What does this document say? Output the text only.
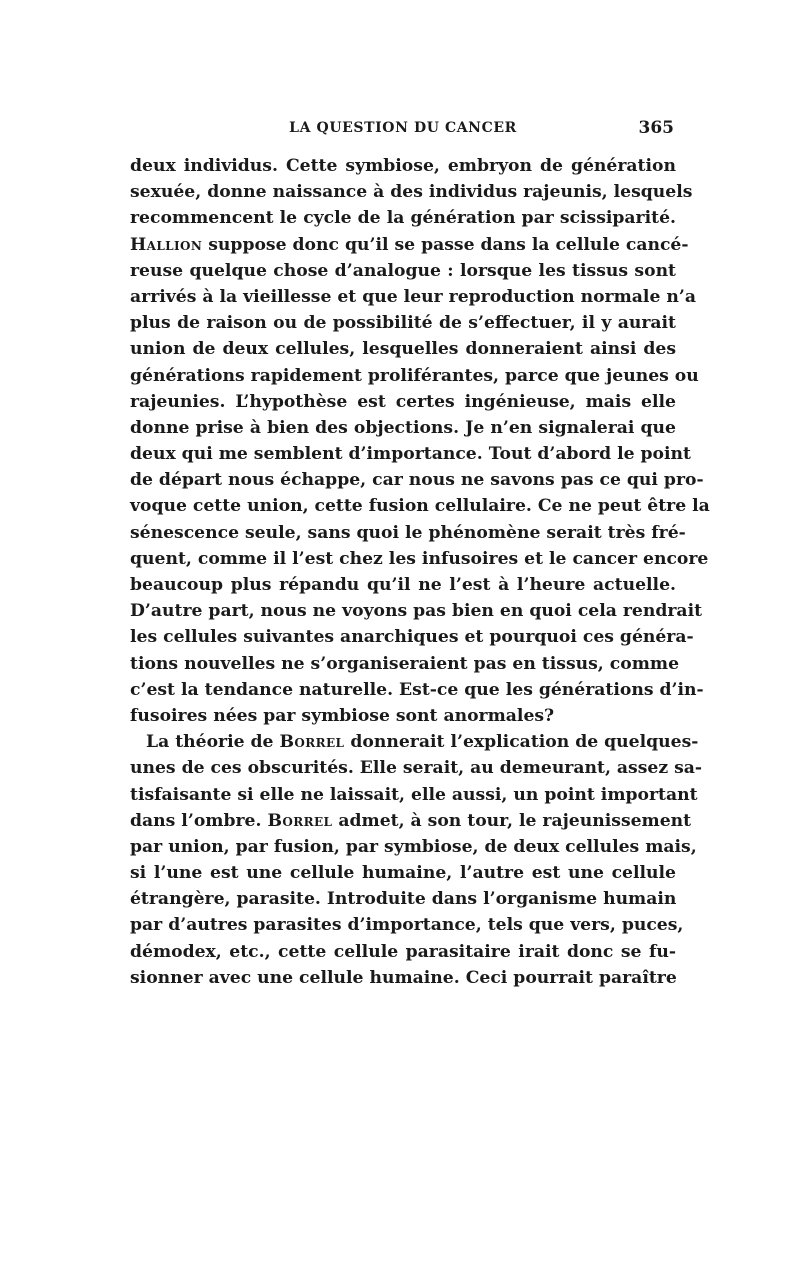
LA QUESTION DU CANCER	365
deux individus. Cette symbiose, embryon de génération
sexuée, donne naissance à des individus rajeunis, lesquels
recommencent le cycle de la génération par scissiparité.
Hallion suppose donc qu’il se passe dans la cellule cancé-
reuse quelque chose d’analogue : lorsque les tissus sont
arrivés à la vieillesse et que leur reproduction normale n’a
plus de raison ou de possibilité de s’effectuer, il y aurait
union de deux cellules, lesquelles donneraient ainsi des
générations rapidement proliférantes, parce que jeunes ou
rajeunies. L’hypothèse est certes ingénieuse, mais elle
donne prise à bien des objections. Je n’en signalerai que
deux qui me semblent d’importance. Tout d’abord le point
de départ nous échappe, car nous ne savons pas ce qui pro-
voque cette union, cette fusion cellulaire. Ce ne peut être la
sénescence seule, sans quoi le phénomène serait très fré-
quent, comme il l’est chez les infusoires et le cancer encore
beaucoup plus répandu qu’il ne l’est à l’heure actuelle.
D’autre part, nous ne voyons pas bien en quoi cela rendrait
les cellules suivantes anarchiques et pourquoi ces généra-
tions nouvelles ne s’organiseraient pas en tissus, comme
c’est la tendance naturelle. Est-ce que les générations d’in-
fusoires nées par symbiose sont anormales?
La théorie de Borrel donnerait l’explication de quelques-
unes de ces obscurités. Elle serait, au demeurant, assez sa-
tisfaisante si elle ne laissait, elle aussi, un point important
dans l’ombre. Borrel admet, à son tour, le rajeunissement
par union, par fusion, par symbiose, de deux cellules mais,
si l’une est une cellule humaine, l’autre est une cellule
étrangère, parasite. Introduite dans l’organisme humain
par d’autres parasites d’importance, tels que vers, puces,
démodex, etc., cette cellule parasitaire irait donc se fu-
sionner avec une cellule humaine. Ceci pourrait paraître
